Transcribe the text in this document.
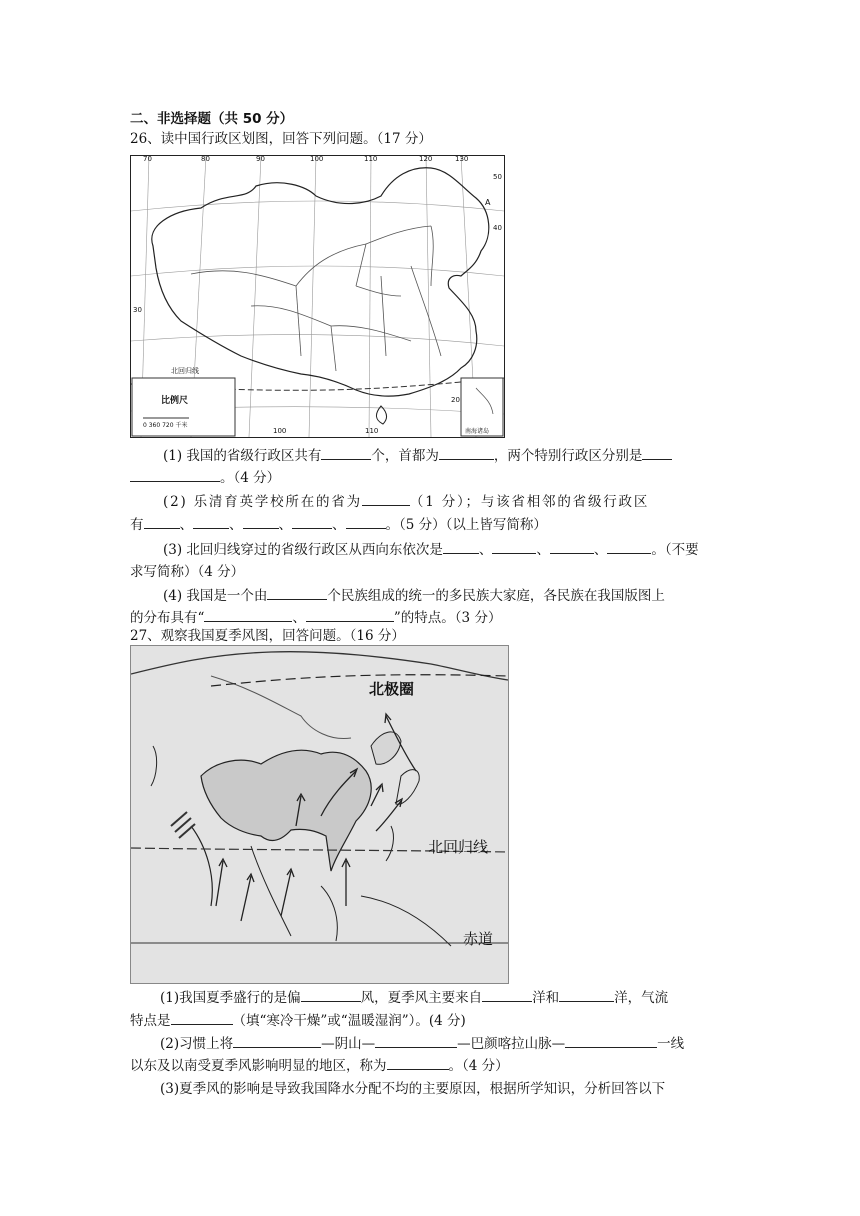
二、非选择题（共 50 分）
26、读中国行政区划图，回答下列问题。（17 分）
70	80	90	100	110	120	130
100	110
50
40
30
20
A
北回归线
比例尺
0 360 720 千米
南海诸岛
(1) 我国的省级行政区共有	个，首都为	，两个特别行政区分别是
。（4 分）
(2) 乐清育英学校所在的省为	（1 分）；与该省相邻的省级行政区
有	、	、	、	、	。（5 分）（以上皆写简称）
(3) 北回归线穿过的省级行政区从西向东依次是	、	、	、	。（不要
求写简称）（4 分）
(4) 我国是一个由	个民族组成的统一的多民族大家庭，各民族在我国版图上
的分布具有“	、	”的特点。（3 分）
27、观察我国夏季风图，回答问题。（16 分）
北极圈
北回归线
赤道
(1)我国夏季盛行的是偏	风，夏季风主要来自	洋和	洋，气流
特点是	（填“寒冷干燥”或“温暖湿润”）。(4 分)
(2)习惯上将	—阴山—	—巴颜喀拉山脉—	一线
以东及以南受夏季风影响明显的地区，称为	。（4 分）
(3)夏季风的影响是导致我国降水分配不均的主要原因，根据所学知识，分析回答以下
